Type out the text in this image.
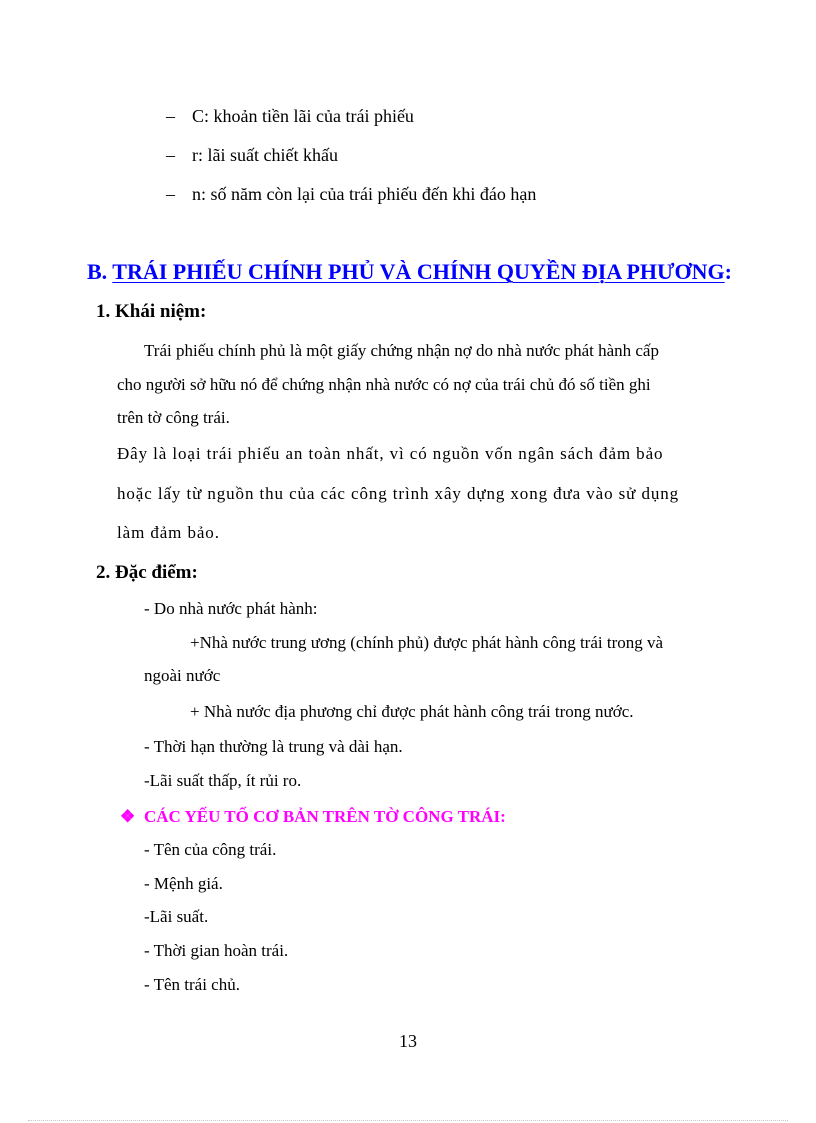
– C: khoản tiền lãi của trái phiếu
– r: lãi suất chiết khấu
– n: số năm còn lại của trái phiếu đến khi đáo hạn
B. TRÁI PHIẾU CHÍNH PHỦ VÀ CHÍNH QUYỀN ĐỊA PHƯƠNG:
1. Khái niệm:
Trái phiếu chính phủ là một giấy chứng nhận nợ do nhà nước phát hành cấp
cho người sở hữu nó để chứng nhận nhà nước có nợ của trái chủ đó số tiền ghi
trên tờ công trái.
Đây là loại trái phiếu an toàn nhất, vì có nguồn vốn ngân sách đảm bảo
hoặc lấy từ nguồn thu của các công trình xây dựng xong đưa vào sử dụng
làm đảm bảo.
2. Đặc điểm:
- Do nhà nước phát hành:
+Nhà nước trung ương (chính phủ) được phát hành công trái trong và
ngoài nước
+ Nhà nước địa phương chỉ được phát hành công trái trong nước.
- Thời hạn thường là trung và dài hạn.
-Lãi suất thấp, ít rủi ro.
❖ CÁC YẾU TỐ CƠ BẢN TRÊN TỜ CÔNG TRÁI:
- Tên của công trái.
- Mệnh giá.
-Lãi suất.
- Thời gian hoàn trái.
- Tên trái chủ.
13
